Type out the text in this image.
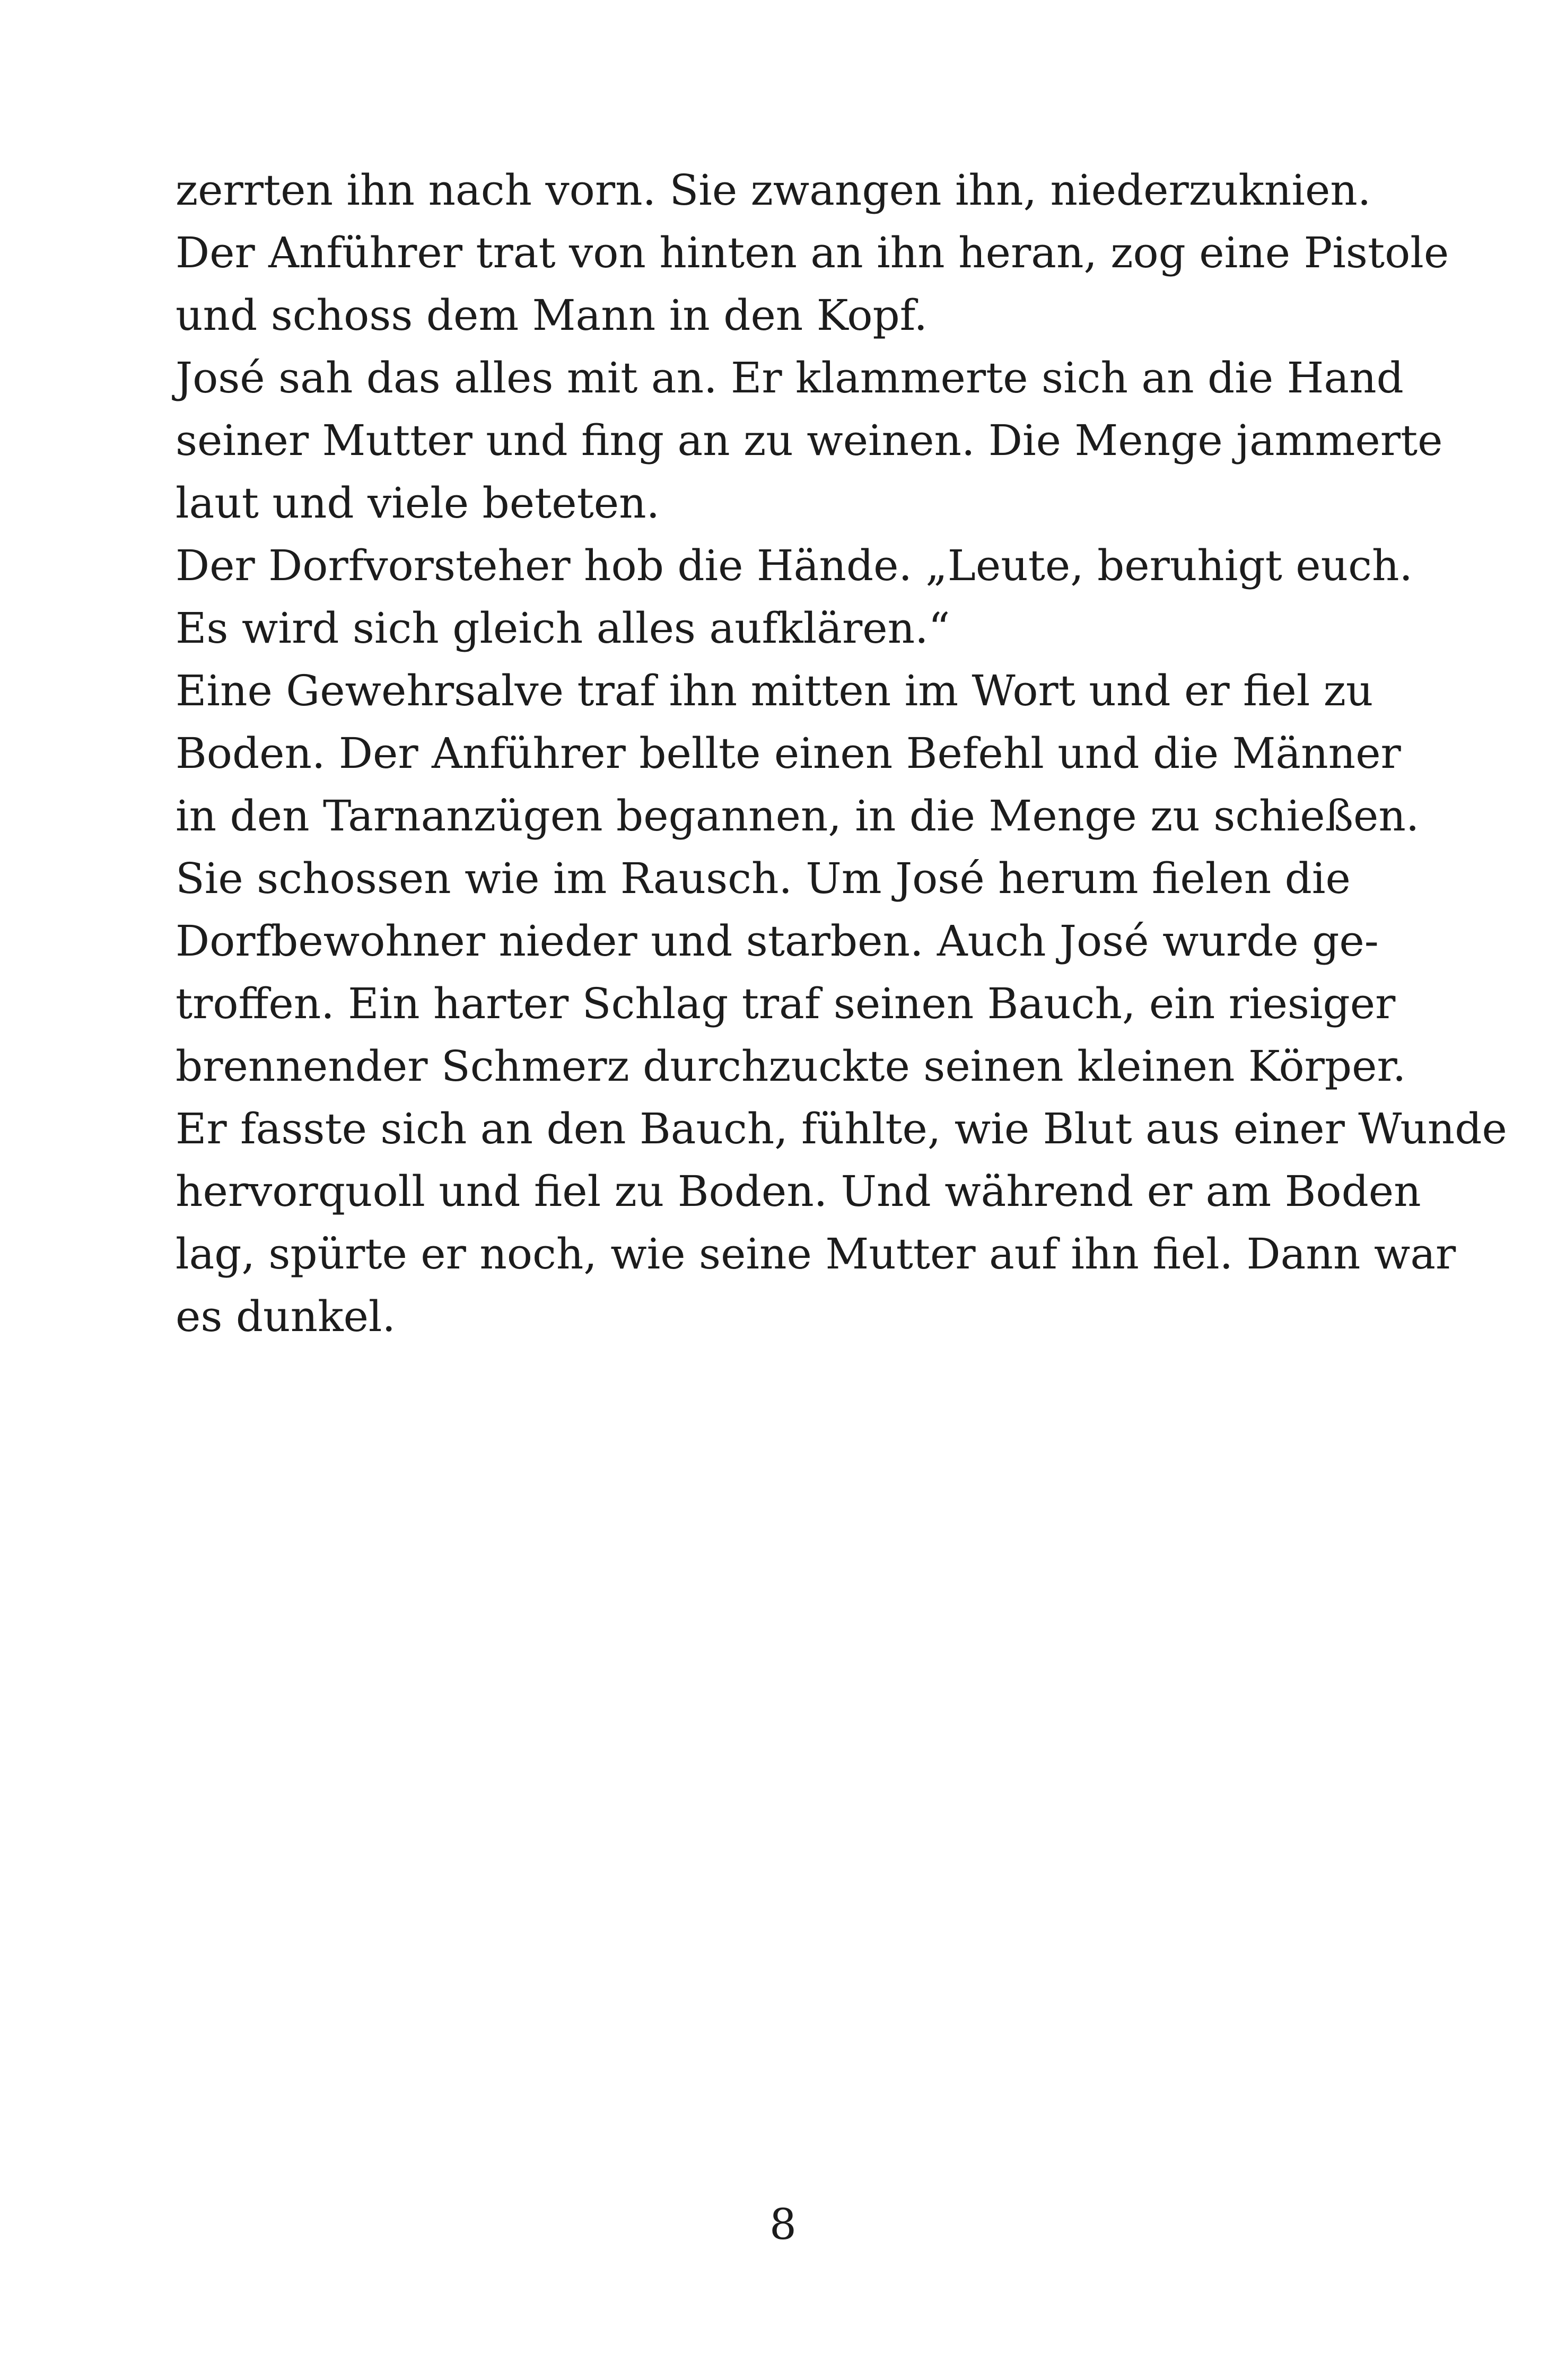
zerrten ihn nach vorn. Sie zwangen ihn, niederzuknien.
Der Anführer trat von hinten an ihn heran, zog eine Pistole
und schoss dem Mann in den Kopf.
José sah das alles mit an. Er klammerte sich an die Hand
seiner Mutter und fing an zu weinen. Die Menge jammerte
laut und viele beteten.
Der Dorfvorsteher hob die Hände. „Leute, beruhigt euch.
Es wird sich gleich alles aufklären.“
Eine Gewehrsalve traf ihn mitten im Wort und er fiel zu
Boden. Der Anführer bellte einen Befehl und die Männer
in den Tarnanzügen begannen, in die Menge zu schießen.
Sie schossen wie im Rausch. Um José herum fielen die
Dorfbewohner nieder und starben. Auch José wurde ge-
troffen. Ein harter Schlag traf seinen Bauch, ein riesiger
brennender Schmerz durchzuckte seinen kleinen Körper.
Er fasste sich an den Bauch, fühlte, wie Blut aus einer Wunde
hervorquoll und fiel zu Boden. Und während er am Boden
lag, spürte er noch, wie seine Mutter auf ihn fiel. Dann war
es dunkel.
8
